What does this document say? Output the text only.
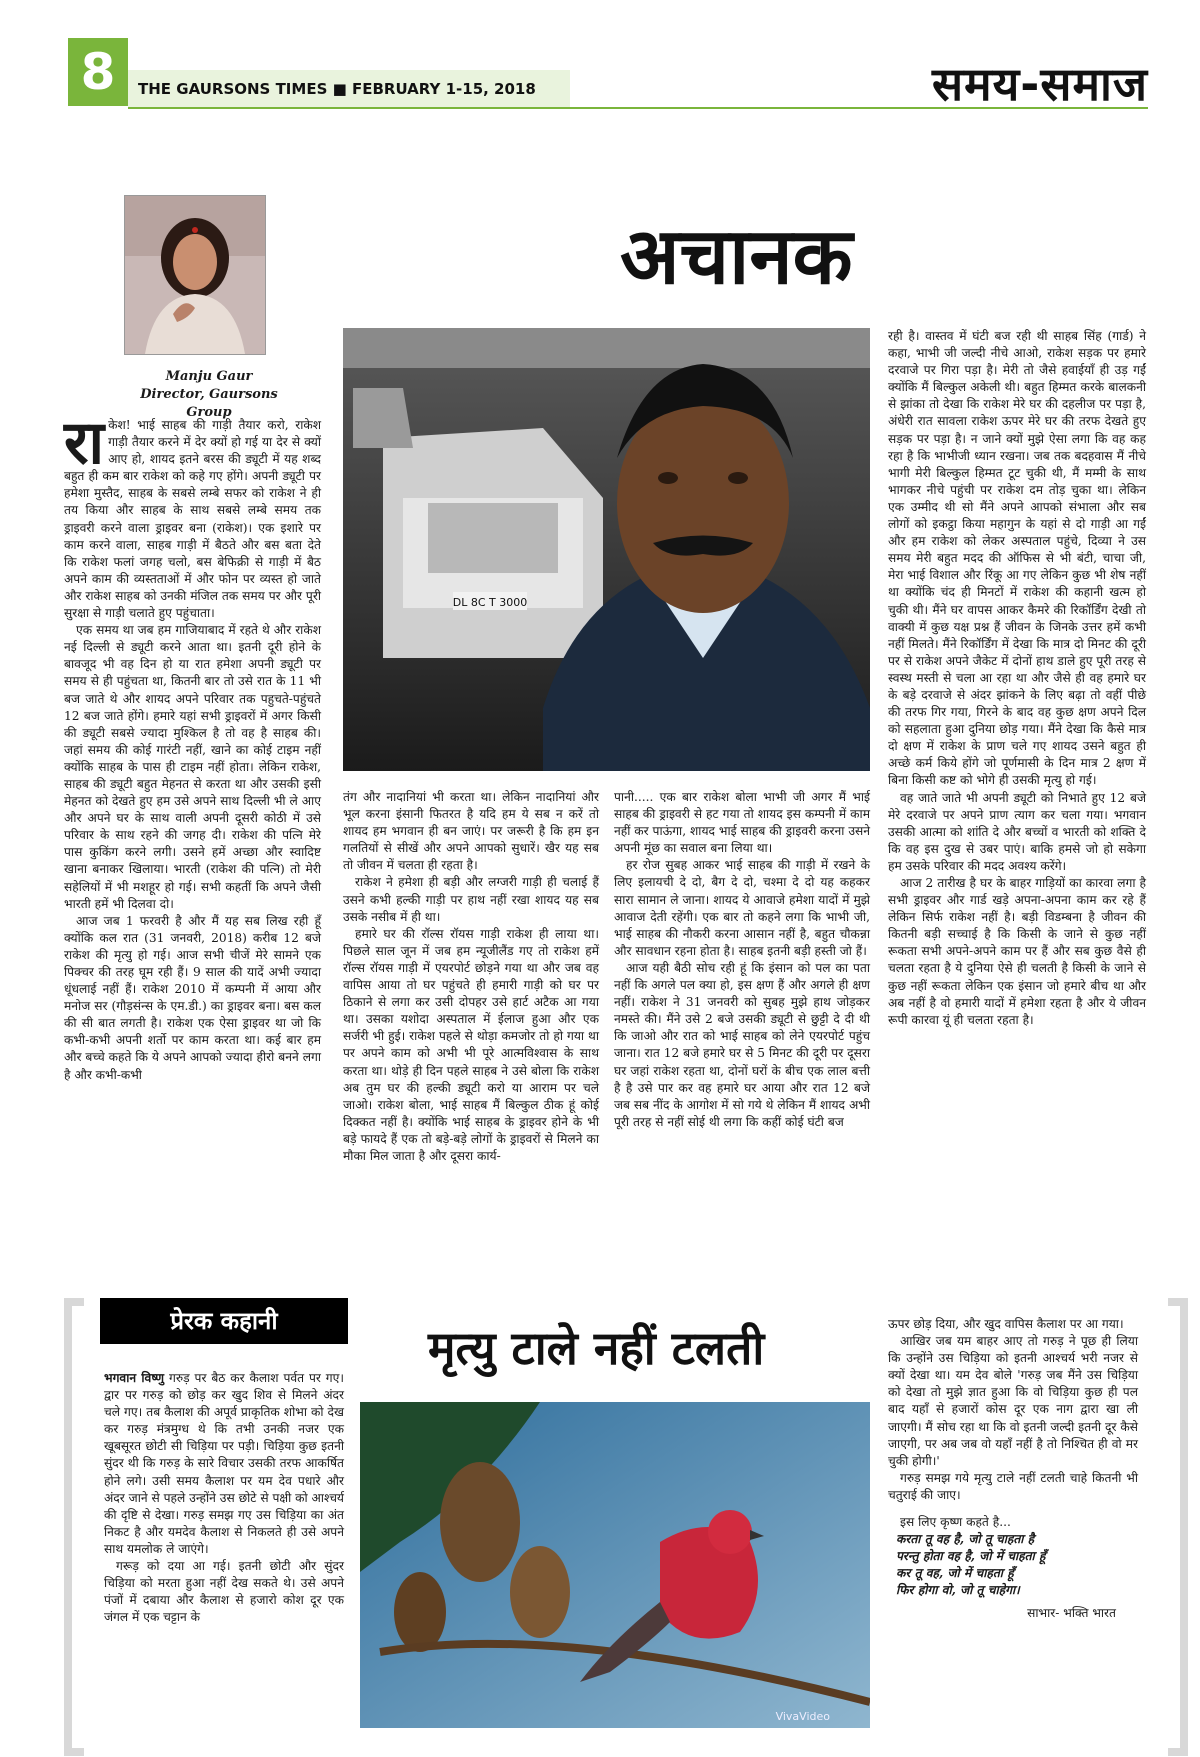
8	THE GAURSONS TIMES ■ FEBRUARY 1-15, 2018	समय-समाज
Manju Gaur
Director, Gaursons Group
अचानक
DL 8C T 3000

राकेश! भाई साहब की गाड़ी तैयार करो, राकेश गाड़ी तैयार करने में देर क्यों हो गई या देर से क्यों आए हो, शायद इतने बरस की ड्यूटी में यह शब्द बहुत ही कम बार राकेश को कहे गए होंगे। अपनी ड्यूटी पर हमेशा मुस्तैद, साहब के सबसे लम्बे सफर को राकेश ने ही तय किया और साहब के साथ सबसे लम्बे समय तक ड्राइवरी करने वाला ड्राइवर बना (राकेश)। एक इशारे पर काम करने वाला, साहब गाड़ी में बैठते और बस बता देते कि राकेश फलां जगह चलो, बस बेफिक्री से गाड़ी में बैठ अपने काम की व्यस्तताओं में और फोन पर व्यस्त हो जाते और राकेश साहब को उनकी मंजिल तक समय पर और पूरी सुरक्षा से गाड़ी चलाते हुए पहुंचाता।

एक समय था जब हम गाजियाबाद में रहते थे और राकेश नई दिल्ली से ड्यूटी करने आता था। इतनी दूरी होने के बावजूद भी वह दिन हो या रात हमेशा अपनी ड्यूटी पर समय से ही पहुंचता था, कितनी बार तो उसे रात के 11 भी बज जाते थे और शायद अपने परिवार तक पहुचते-पहुंचते 12 बज जाते होंगे। हमारे यहां सभी ड्राइवरों में अगर किसी की ड्यूटी सबसे ज्यादा मुश्किल है तो वह है साहब की। जहां समय की कोई गारंटी नहीं, खाने का कोई टाइम नहीं क्योंकि साहब के पास ही टाइम नहीं होता। लेकिन राकेश, साहब की ड्यूटी बहुत मेहनत से करता था और उसकी इसी मेहनत को देखते हुए हम उसे अपने साथ दिल्ली भी ले आए और अपने घर के साथ वाली अपनी दूसरी कोठी में उसे परिवार के साथ रहने की जगह दी। राकेश की पत्नि मेरे पास कुकिंग करने लगी। उसने हमें अच्छा और स्वादिष्ट खाना बनाकर खिलाया। भारती (राकेश की पत्नि) तो मेरी सहेलियों में भी मशहूर हो गई। सभी कहतीं कि अपने जैसी भारती हमें भी दिलवा दो।

आज जब 1 फरवरी है और मैं यह सब लिख रही हूँ क्योंकि कल रात (31 जनवरी, 2018) करीब 12 बजे राकेश की मृत्यु हो गई। आज सभी चीजें मेरे सामने एक पिक्चर की तरह घूम रही हैं। 9 साल की यादें अभी ज्यादा धूंधलाई नहीं हैं। राकेश 2010 में कम्पनी में आया और मनोज सर (गौड़संन्स के एम.डी.) का ड्राइवर बना। बस कल की सी बात लगती है। राकेश एक ऐसा ड्राइवर था जो कि कभी-कभी अपनी शर्तो पर काम करता था। कई बार हम और बच्चे कहते कि ये अपने आपको ज्यादा हीरो बनने लगा है और कभी-कभी

तंग और नादानियां भी करता था। लेकिन नादानियां और भूल करना इंसानी फितरत है यदि हम ये सब न करें तो शायद हम भगवान ही बन जाएं। पर जरूरी है कि हम इन गलतियों से सीखें और अपने आपको सुधारें। खैर यह सब तो जीवन में चलता ही रहता है।

राकेश ने हमेशा ही बड़ी और लग्जरी गाड़ी ही चलाई हैं उसने कभी हल्की गाड़ी पर हाथ नहीं रखा शायद यह सब उसके नसीब में ही था।

हमारे घर की रॉल्स रॉयस गाड़ी राकेश ही लाया था। पिछले साल जून में जब हम न्यूजीलैंड गए तो राकेश हमें रॉल्स रॉयस गाड़ी में एयरपोर्ट छोड़ने गया था और जब वह वापिस आया तो घर पहुंचते ही हमारी गाड़ी को घर पर ठिकाने से लगा कर उसी दोपहर उसे हार्ट अटैक आ गया था। उसका यशोदा अस्पताल में ईलाज हुआ और एक सर्जरी भी हुई। राकेश पहले से थोड़ा कमजोर तो हो गया था पर अपने काम को अभी भी पूरे आत्मविश्वास के साथ करता था। थोड़े ही दिन पहले साहब ने उसे बोला कि राकेश अब तुम घर की हल्की ड्यूटी करो या आराम पर चले जाओ। राकेश बोला, भाई साहब मैं बिल्कुल ठीक हूं कोई दिक्कत नहीं है। क्योंकि भाई साहब के ड्राइवर होने के भी बड़े फायदे हैं एक तो बड़े-बड़े लोगों के ड्राइवरों से मिलने का मौका मिल जाता है और दूसरा कार्य-

पानी..... एक बार राकेश बोला भाभी जी अगर मैं भाई साहब की ड्राइवरी से हट गया तो शायद इस कम्पनी में काम नहीं कर पाऊंगा, शायद भाई साहब की ड्राइवरी करना उसने अपनी मूंछ का सवाल बना लिया था।

हर रोज सुबह आकर भाई साहब की गाड़ी में रखने के लिए इलायची दे दो, बैग दे दो, चश्मा दे दो यह कहकर सारा सामान ले जाना। शायद ये आवाजे हमेशा यादों में मुझे आवाज देती रहेंगी। एक बार तो कहने लगा कि भाभी जी, भाई साहब की नौकरी करना आसान नहीं है, बहुत चौकन्ना और सावधान रहना होता है। साहब इतनी बड़ी हस्ती जो हैं।

आज यही बैठी सोच रही हूं कि इंसान को पल का पता नहीं कि अगले पल क्या हो, इस क्षण हैं और अगले ही क्षण नहीं। राकेश ने 31 जनवरी को सुबह मुझे हाथ जोड़कर नमस्ते की। मैंने उसे 2 बजे उसकी ड्यूटी से छुट्टी दे दी थी कि जाओ और रात को भाई साहब को लेने एयरपोर्ट पहुंच जाना। रात 12 बजे हमारे घर से 5 मिनट की दूरी पर दूसरा घर जहां राकेश रहता था, दोनों घरों के बीच एक लाल बत्ती है है उसे पार कर वह हमारे घर आया और रात 12 बजे जब सब नींद के आगोश में सो गये थे लेकिन मैं शायद अभी पूरी तरह से नहीं सोई थी लगा कि कहीं कोई घंटी बज

रही है। वास्तव में घंटी बज रही थी साहब सिंह (गार्ड) ने कहा, भाभी जी जल्दी नीचे आओ, राकेश सड़क पर हमारे दरवाजे पर गिरा पड़ा है। मेरी तो जैसे हवाईयाँ ही उड़ गईं क्योंकि मैं बिल्कुल अकेली थी। बहुत हिम्मत करके बालकनी से झांका तो देखा कि राकेश मेरे घर की दहलीज पर पड़ा है, अंधेरी रात सावला राकेश ऊपर मेरे घर की तरफ देखते हुए सड़क पर पड़ा है। न जाने क्यों मुझे ऐसा लगा कि वह कह रहा है कि भाभीजी ध्यान रखना। जब तक बदहवास मैं नीचे भागी मेरी बिल्कुल हिम्मत टूट चुकी थी, मैं मम्मी के साथ भागकर नीचे पहुंची पर राकेश दम तोड़ चुका था। लेकिन एक उम्मीद थी सो मैंने अपने आपको संभाला और सब लोगों को इकट्ठा किया महागुन के यहां से दो गाड़ी आ गईं और हम राकेश को लेकर अस्पताल पहुंचे, दिव्या ने उस समय मेरी बहुत मदद की ऑफिस से भी बंटी, चाचा जी, मेरा भाई विशाल और रिंकू आ गए लेकिन कुछ भी शेष नहीं था क्योंकि चंद ही मिनटों में राकेश की कहानी खत्म हो चुकी थी। मैंने घर वापस आकर कैमरे की रिकॉर्डिंग देखी तो वाक्यी में कुछ यक्ष प्रश्न हैं जीवन के जिनके उत्तर हमें कभी नहीं मिलते। मैंने रिकॉर्डिंग में देखा कि मात्र दो मिनट की दूरी पर से राकेश अपने जैकेट में दोनों हाथ डाले हुए पूरी तरह से स्वस्थ मस्ती से चला आ रहा था और जैसे ही वह हमारे घर के बड़े दरवाजे से अंदर झांकने के लिए बढ़ा तो वहीं पीछे की तरफ गिर गया, गिरने के बाद वह कुछ क्षण अपने दिल को सहलाता हुआ दुनिया छोड़ गया। मैंने देखा कि कैसे मात्र दो क्षण में राकेश के प्राण चले गए शायद उसने बहुत ही अच्छे कर्म किये होंगे जो पूर्णमासी के दिन मात्र 2 क्षण में बिना किसी कष्ट को भोगे ही उसकी मृत्यु हो गई।

वह जाते जाते भी अपनी ड्यूटी को निभाते हुए 12 बजे मेरे दरवाजे पर अपने प्राण त्याग कर चला गया। भगवान उसकी आत्मा को शांति दे और बच्चों व भारती को शक्ति दे कि वह इस दुख से उबर पाएं। बाकि हमसे जो हो सकेगा हम उसके परिवार की मदद अवश्य करेंगे।

आज 2 तारीख है घर के बाहर गाड़ियों का कारवा लगा है सभी ड्राइवर और गार्ड खड़े अपना-अपना काम कर रहे हैं लेकिन सिर्फ राकेश नहीं है। बड़ी विडम्बना है जीवन की कितनी बड़ी सच्चाई है कि किसी के जाने से कुछ नहीं रूकता सभी अपने-अपने काम पर हैं और सब कुछ वैसे ही चलता रहता है ये दुनिया ऐसे ही चलती है किसी के जाने से कुछ नहीं रूकता लेकिन एक इंसान जो हमारे बीच था और अब नहीं है वो हमारी यादों में हमेशा रहता है और ये जीवन रूपी कारवा यूं ही चलता रहता है।

प्रेरक कहानी	मृत्यु टाले नहीं टलती

भगवान विष्णु गरुड़ पर बैठ कर कैलाश पर्वत पर गए। द्वार पर गरुड़ को छोड़ कर खुद शिव से मिलने अंदर चले गए। तब कैलाश की अपूर्व प्राकृतिक शोभा को देख कर गरुड़ मंत्रमुग्ध थे कि तभी उनकी नजर एक खूबसूरत छोटी सी चिड़िया पर पड़ी। चिड़िया कुछ इतनी सुंदर थी कि गरुड़ के सारे विचार उसकी तरफ आकर्षित होने लगे। उसी समय कैलाश पर यम देव पधारे और अंदर जाने से पहले उन्होंने उस छोटे से पक्षी को आश्चर्य की दृष्टि से देखा। गरुड़ समझ गए उस चिड़िया का अंत निकट है और यमदेव कैलाश से निकलते ही उसे अपने साथ यमलोक ले जाएंगे।

गरूड़ को दया आ गई। इतनी छोटी और सुंदर चिड़िया को मरता हुआ नहीं देख सकते थे। उसे अपने पंजों में दबाया और कैलाश से हजारो कोश दूर एक जंगल में एक चट्टान के

VivaVideo

ऊपर छोड़ दिया, और खुद वापिस कैलाश पर आ गया।

आखिर जब यम बाहर आए तो गरुड़ ने पूछ ही लिया कि उन्होंने उस चिड़िया को इतनी आश्चर्य भरी नजर से क्यों देखा था। यम देव बोले 'गरुड़ जब मैंने उस चिड़िया को देखा तो मुझे ज्ञात हुआ कि वो चिड़िया कुछ ही पल बाद यहाँ से हजारों कोस दूर एक नाग द्वारा खा ली जाएगी। मैं सोच रहा था कि वो इतनी जल्दी इतनी दूर कैसे जाएगी, पर अब जब वो यहाँ नहीं है तो निश्चित ही वो मर चुकी होगी।'

गरुड़ समझ गये मृत्यु टाले नहीं टलती चाहे कितनी भी चतुराई की जाए।

इस लिए कृष्ण कहते है...

करता तू वह है, जो तू चाहता है
परन्तु होता वह है, जो में चाहता हूँ
कर तू वह, जो में चाहता हूँ
फिर होगा वो, जो तू चाहेगा।
साभार- भक्ति भारत
